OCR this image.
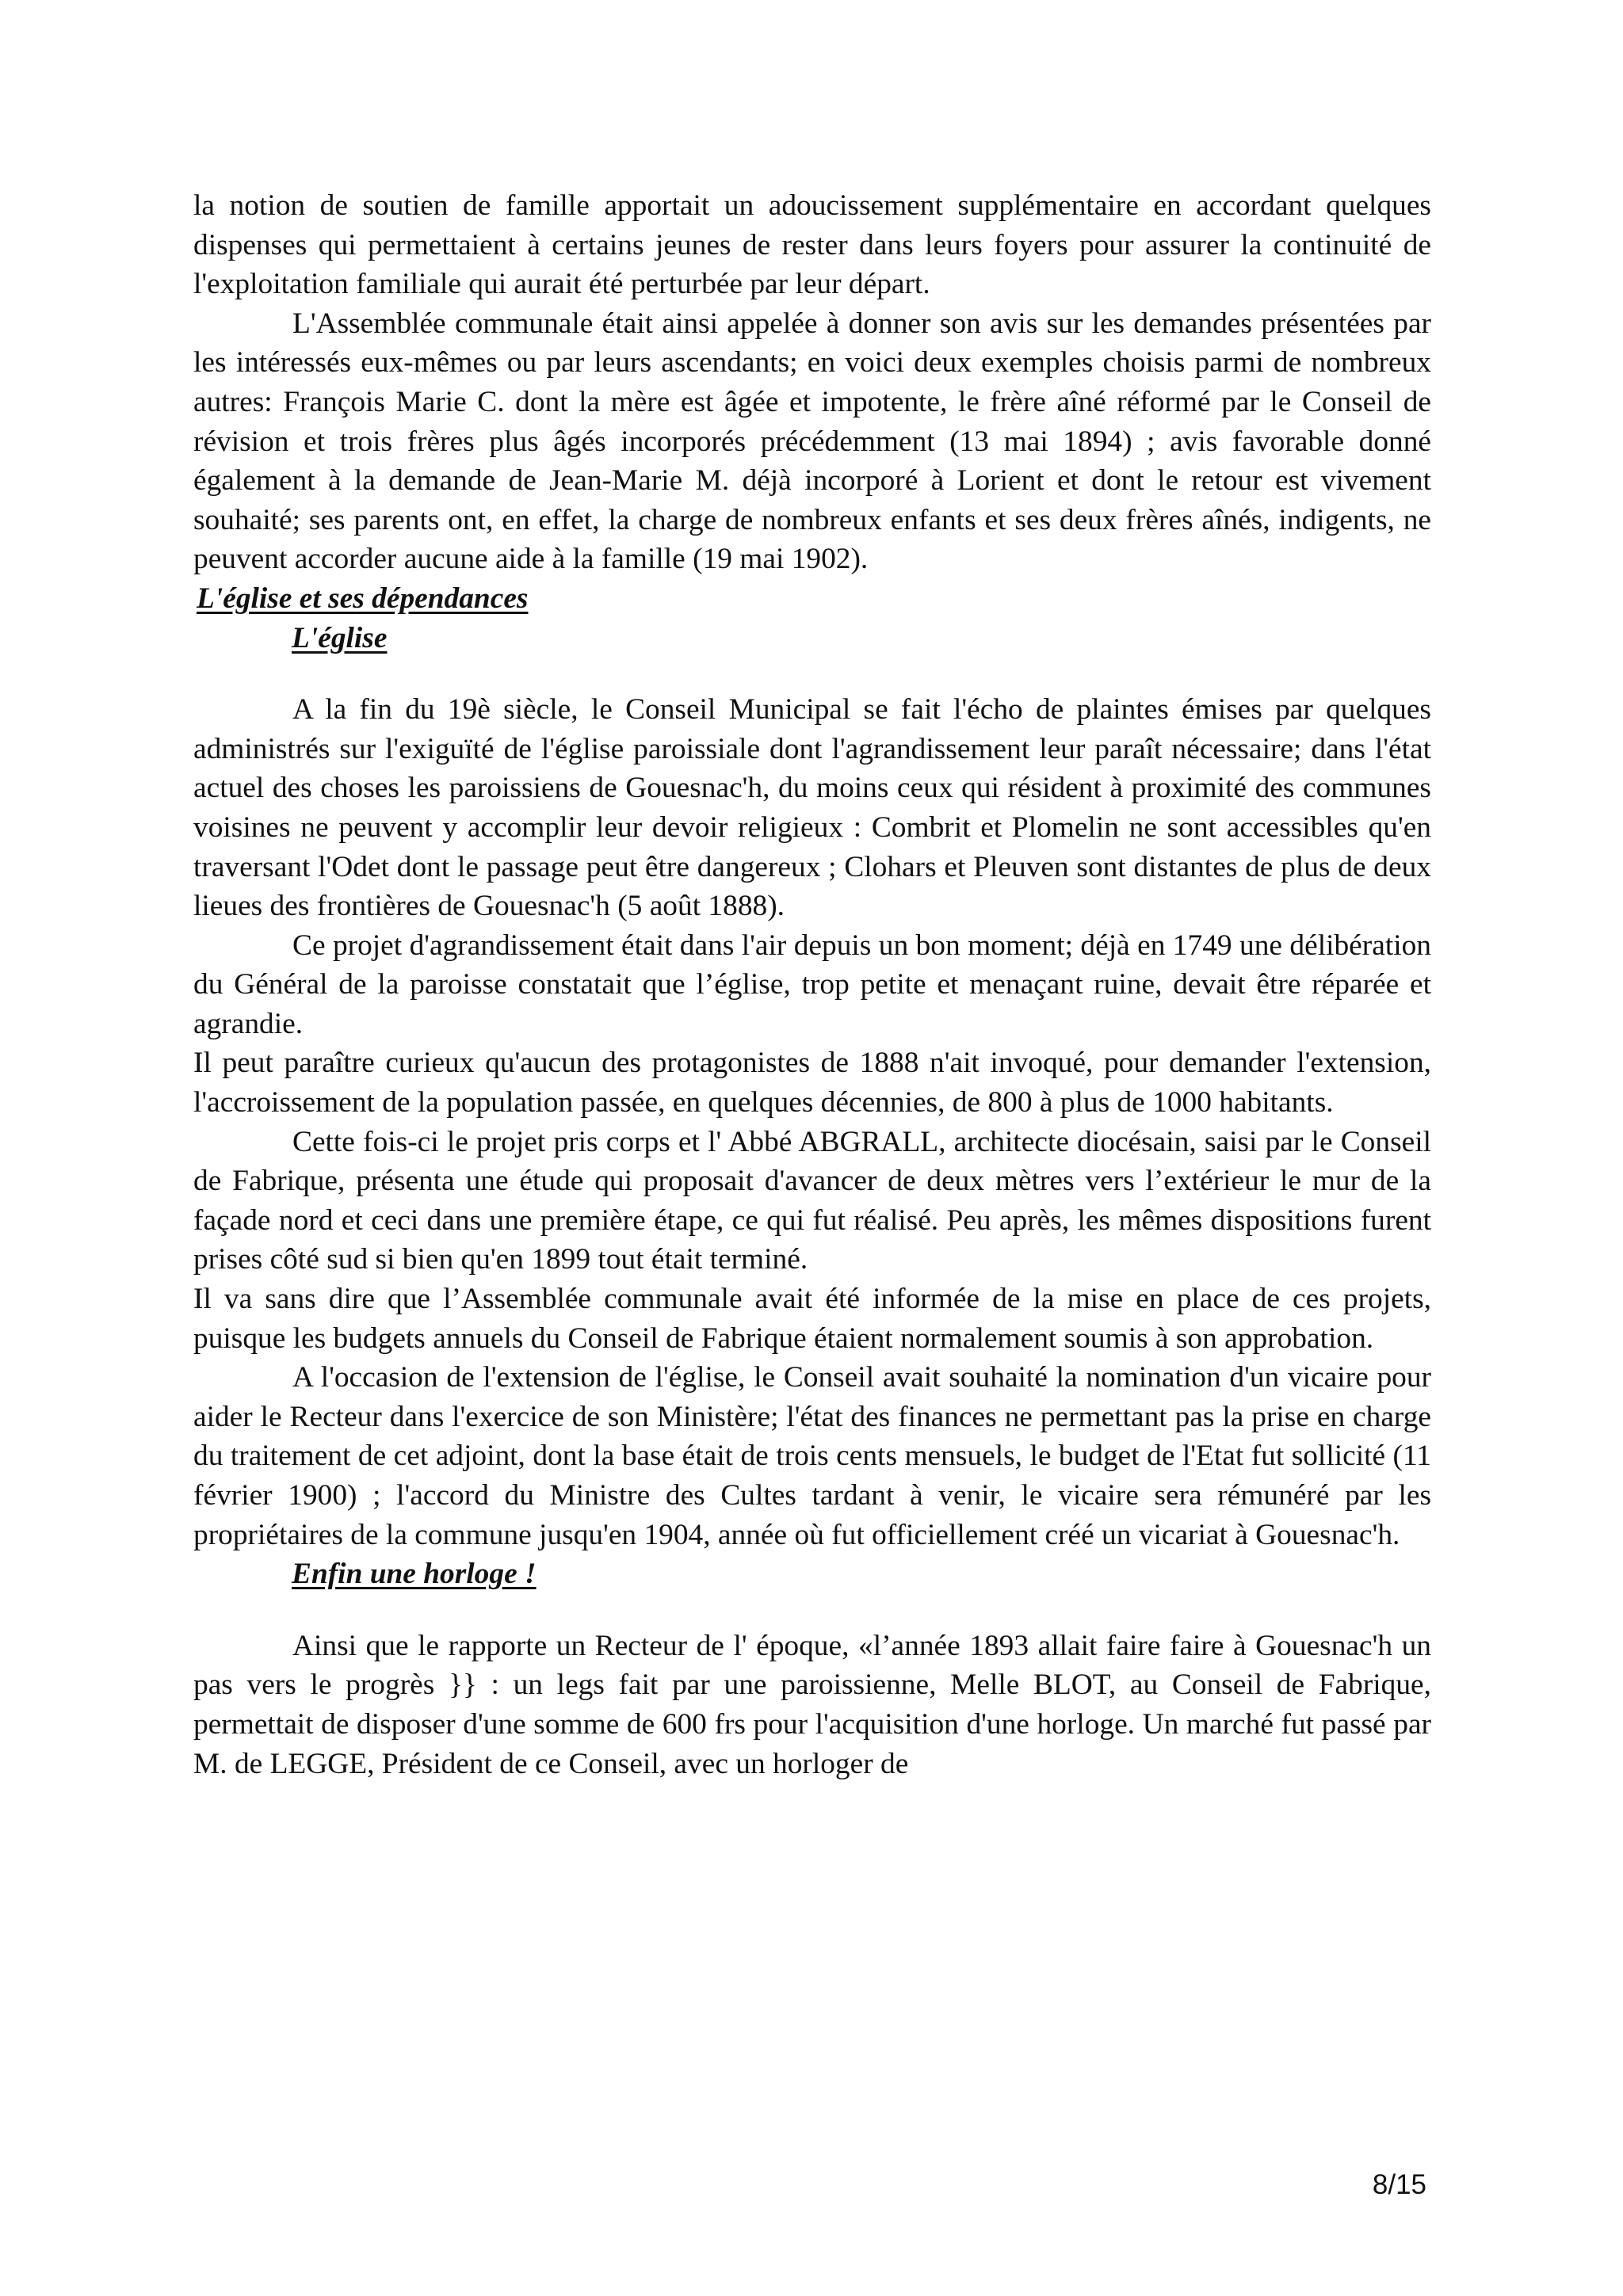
la notion de soutien de famille apportait un adoucissement supplémentaire en accordant quelques dispenses qui permettaient à certains jeunes de rester dans leurs foyers pour assurer la continuité de l'exploitation familiale qui aurait été perturbée par leur départ.

L'Assemblée communale était ainsi appelée à donner son avis sur les demandes présentées par les intéressés eux-mêmes ou par leurs ascendants; en voici deux exemples choisis parmi de nombreux autres: François Marie C. dont la mère est âgée et impotente, le frère aîné réformé par le Conseil de révision et trois frères plus âgés incorporés précédemment (13 mai 1894) ; avis favorable donné également à la demande de Jean-Marie M. déjà incorporé à Lorient et dont le retour est vivement souhaité; ses parents ont, en effet, la charge de nombreux enfants et ses deux frères aînés, indigents, ne peuvent accorder aucune aide à la famille (19 mai 1902).

L'église et ses dépendances

L'église

A la fin du 19è siècle, le Conseil Municipal se fait l'écho de plaintes émises par quelques administrés sur l'exiguïté de l'église paroissiale dont l'agrandissement leur paraît nécessaire; dans l'état actuel des choses les paroissiens de Gouesnac'h, du moins ceux qui résident à proximité des communes voisines ne peuvent y accomplir leur devoir religieux : Combrit et Plomelin ne sont accessibles qu'en traversant l'Odet dont le passage peut être dangereux ; Clohars et Pleuven sont distantes de plus de deux lieues des frontières de Gouesnac'h (5 août 1888).

Ce projet d'agrandissement était dans l'air depuis un bon moment; déjà en 1749 une délibération du Général de la paroisse constatait que l’église, trop petite et menaçant ruine, devait être réparée et agrandie.

Il peut paraître curieux qu'aucun des protagonistes de 1888 n'ait invoqué, pour demander l'extension, l'accroissement de la population passée, en quelques décennies, de 800 à plus de 1000 habitants.

Cette fois-ci le projet pris corps et l' Abbé ABGRALL, architecte diocésain, saisi par le Conseil de Fabrique, présenta une étude qui proposait d'avancer de deux mètres vers l’extérieur le mur de la façade nord et ceci dans une première étape, ce qui fut réalisé. Peu après, les mêmes dispositions furent prises côté sud si bien qu'en 1899 tout était terminé.

Il va sans dire que l’Assemblée communale avait été informée de la mise en place de ces projets, puisque les budgets annuels du Conseil de Fabrique étaient normalement soumis à son approbation.

A l'occasion de l'extension de l'église, le Conseil avait souhaité la nomination d'un vicaire pour aider le Recteur dans l'exercice de son Ministère; l'état des finances ne permettant pas la prise en charge du traitement de cet adjoint, dont la base était de trois cents mensuels, le budget de l'Etat fut sollicité (11 février 1900) ; l'accord du Ministre des Cultes tardant à venir, le vicaire sera rémunéré par les propriétaires de la commune jusqu'en 1904, année où fut officiellement créé un vicariat à Gouesnac'h.

Enfin une horloge !

Ainsi que le rapporte un Recteur de l' époque, «l’année 1893 allait faire faire à Gouesnac'h un pas vers le progrès }} : un legs fait par une paroissienne, Melle BLOT, au Conseil de Fabrique, permettait de disposer d'une somme de 600 frs pour l'acquisition d'une horloge. Un marché fut passé par M. de LEGGE, Président de ce Conseil, avec un horloger de

8/15
